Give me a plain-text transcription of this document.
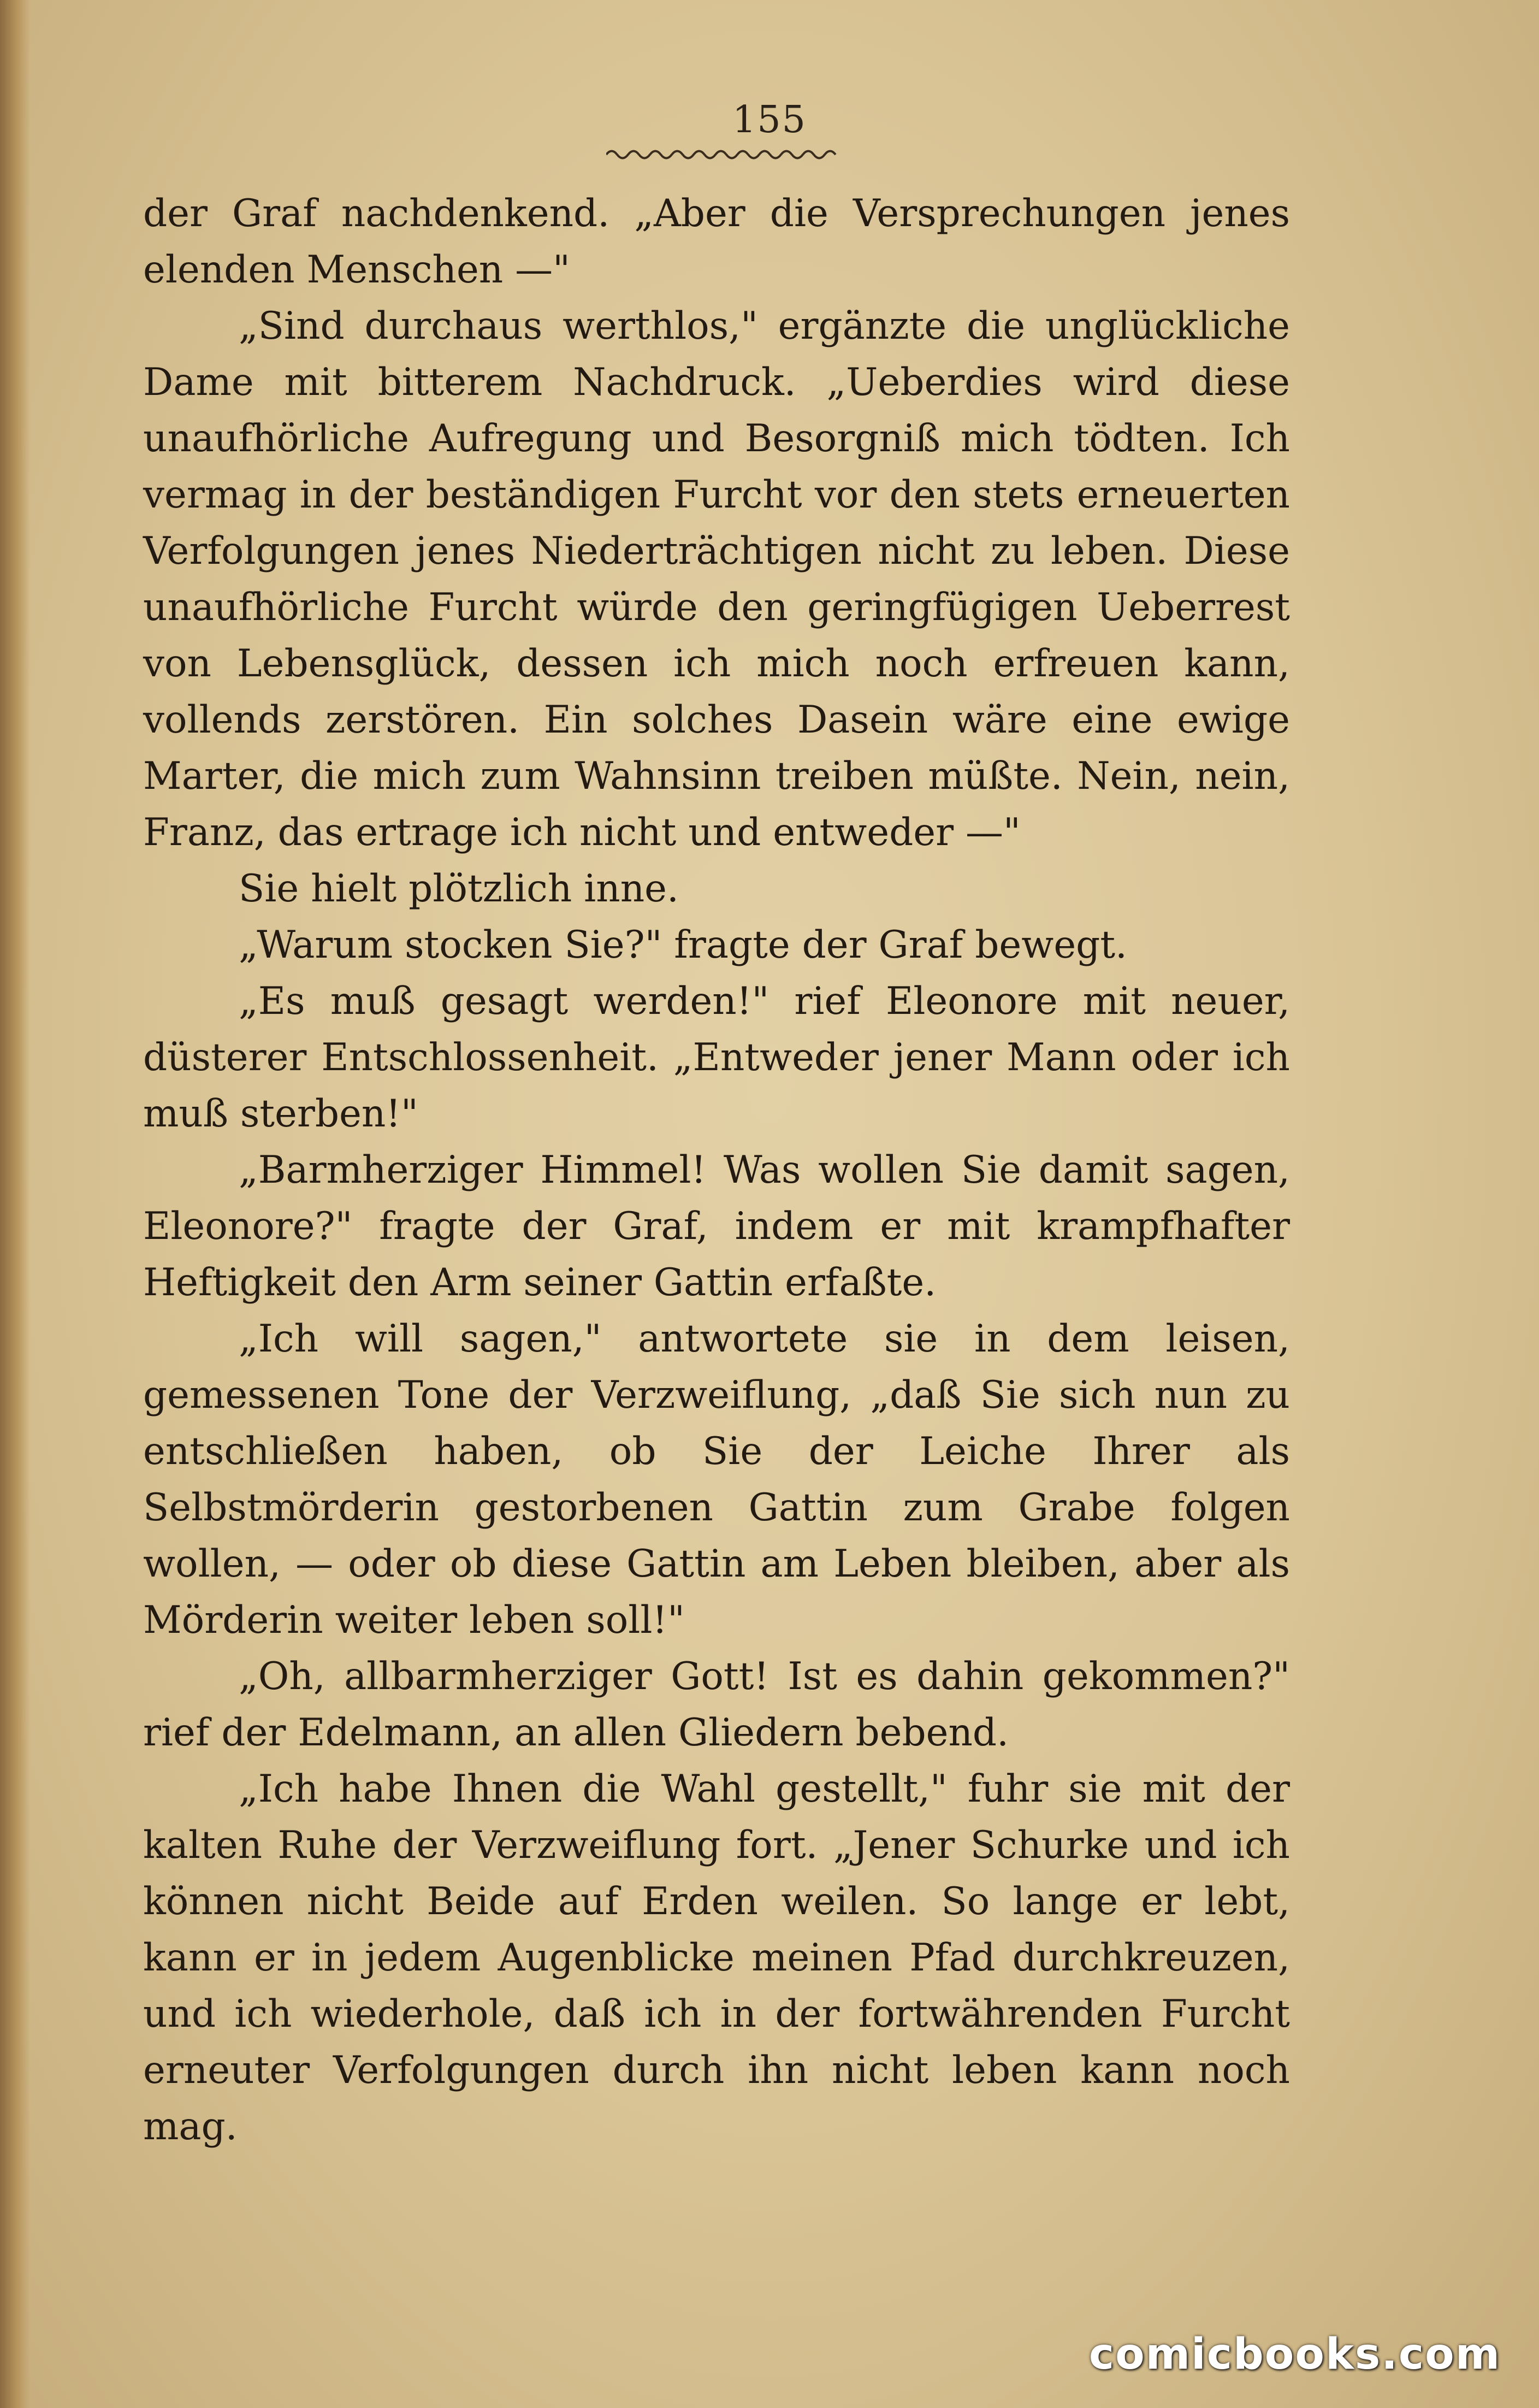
155

der Graf nachdenkend. „Aber die Versprechungen jenes elenden Menschen —"

„Sind durchaus werthlos," ergänzte die unglückliche Dame mit bitterem Nachdruck. „Ueberdies wird diese unaufhörliche Aufregung und Besorgniß mich tödten. Ich vermag in der beständigen Furcht vor den stets erneuerten Verfolgungen jenes Niederträchtigen nicht zu leben. Diese unaufhörliche Furcht würde den geringfügigen Ueberrest von Lebensglück, dessen ich mich noch erfreuen kann, vollends zerstören. Ein solches Dasein wäre eine ewige Marter, die mich zum Wahnsinn treiben müßte. Nein, nein, Franz, das ertrage ich nicht und entweder —"

Sie hielt plötzlich inne.

„Warum stocken Sie?" fragte der Graf bewegt.

„Es muß gesagt werden!" rief Eleonore mit neuer, düsterer Entschlossenheit. „Entweder jener Mann oder ich muß sterben!"

„Barmherziger Himmel! Was wollen Sie damit sagen, Eleonore?" fragte der Graf, indem er mit krampfhafter Heftigkeit den Arm seiner Gattin erfaßte.

„Ich will sagen," antwortete sie in dem leisen, gemessenen Tone der Verzweiflung, „daß Sie sich nun zu entschließen haben, ob Sie der Leiche Ihrer als Selbstmörderin gestorbenen Gattin zum Grabe folgen wollen, — oder ob diese Gattin am Leben bleiben, aber als Mörderin weiter leben soll!"

„Oh, allbarmherziger Gott! Ist es dahin gekommen?" rief der Edelmann, an allen Gliedern bebend.

„Ich habe Ihnen die Wahl gestellt," fuhr sie mit der kalten Ruhe der Verzweiflung fort. „Jener Schurke und ich können nicht Beide auf Erden weilen. So lange er lebt, kann er in jedem Augenblicke meinen Pfad durchkreuzen, und ich wiederhole, daß ich in der fortwährenden Furcht erneuter Verfolgungen durch ihn nicht leben kann noch mag.

comicbooks.com
